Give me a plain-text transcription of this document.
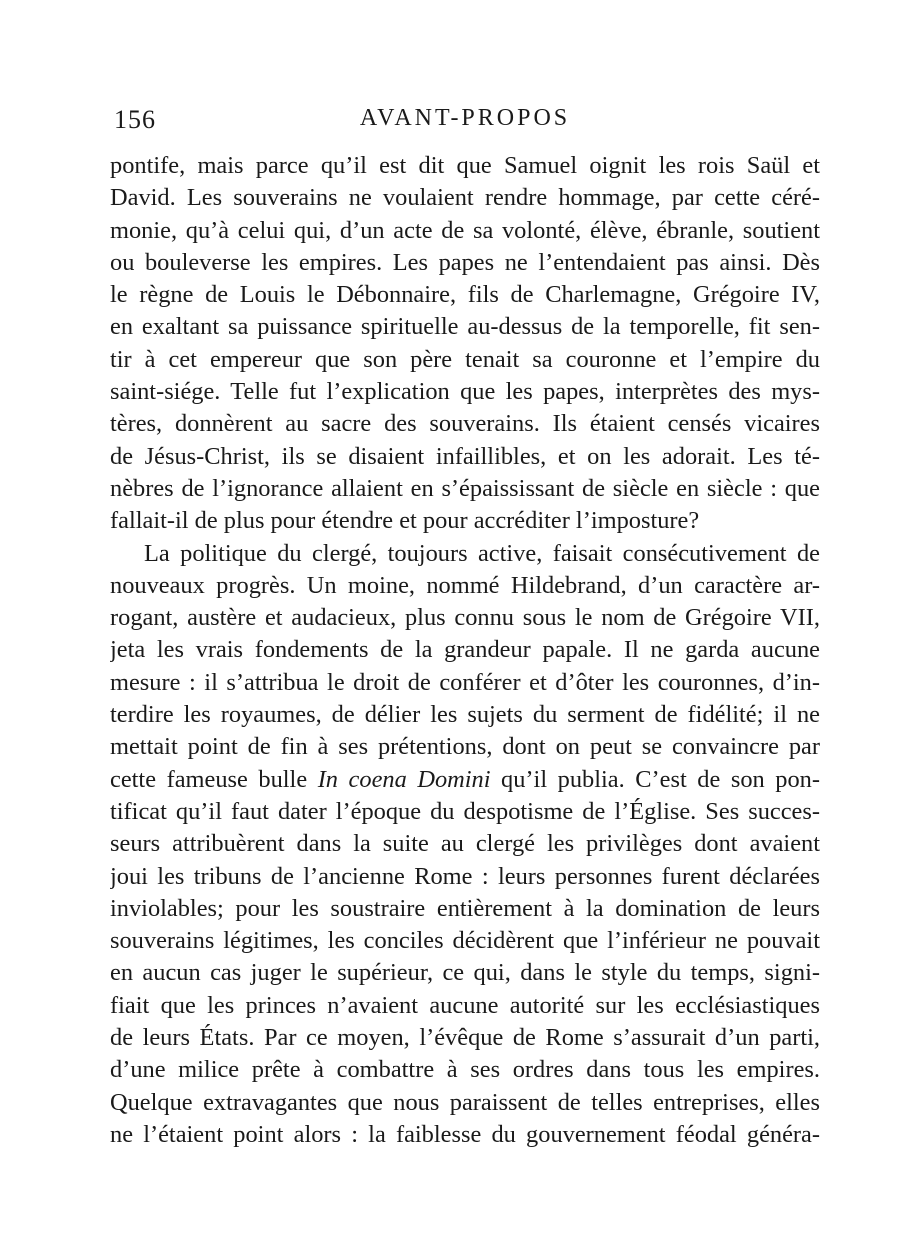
156	AVANT-PROPOS
pontife, mais parce qu’il est dit que Samuel oignit les rois Saül et
David. Les souverains ne voulaient rendre hommage, par cette céré-
monie, qu’à celui qui, d’un acte de sa volonté, élève, ébranle, soutient
ou bouleverse les empires. Les papes ne l’entendaient pas ainsi. Dès
le règne de Louis le Débonnaire, fils de Charlemagne, Grégoire IV,
en exaltant sa puissance spirituelle au-dessus de la temporelle, fit sen-
tir à cet empereur que son père tenait sa couronne et l’empire du
saint-siége. Telle fut l’explication que les papes, interprètes des mys-
tères, donnèrent au sacre des souverains. Ils étaient censés vicaires
de Jésus-Christ, ils se disaient infaillibles, et on les adorait. Les té-
nèbres de l’ignorance allaient en s’épaississant de siècle en siècle : que
fallait-il de plus pour étendre et pour accréditer l’imposture?
La politique du clergé, toujours active, faisait consécutivement de
nouveaux progrès. Un moine, nommé Hildebrand, d’un caractère ar-
rogant, austère et audacieux, plus connu sous le nom de Grégoire VII,
jeta les vrais fondements de la grandeur papale. Il ne garda aucune
mesure : il s’attribua le droit de conférer et d’ôter les couronnes, d’in-
terdire les royaumes, de délier les sujets du serment de fidélité; il ne
mettait point de fin à ses prétentions, dont on peut se convaincre par
cette fameuse bulle In coena Domini qu’il publia. C’est de son pon-
tificat qu’il faut dater l’époque du despotisme de l’Église. Ses succes-
seurs attribuèrent dans la suite au clergé les privilèges dont avaient
joui les tribuns de l’ancienne Rome : leurs personnes furent déclarées
inviolables; pour les soustraire entièrement à la domination de leurs
souverains légitimes, les conciles décidèrent que l’inférieur ne pouvait
en aucun cas juger le supérieur, ce qui, dans le style du temps, signi-
fiait que les princes n’avaient aucune autorité sur les ecclésiastiques
de leurs États. Par ce moyen, l’évêque de Rome s’assurait d’un parti,
d’une milice prête à combattre à ses ordres dans tous les empires.
Quelque extravagantes que nous paraissent de telles entreprises, elles
ne l’étaient point alors : la faiblesse du gouvernement féodal généra-
